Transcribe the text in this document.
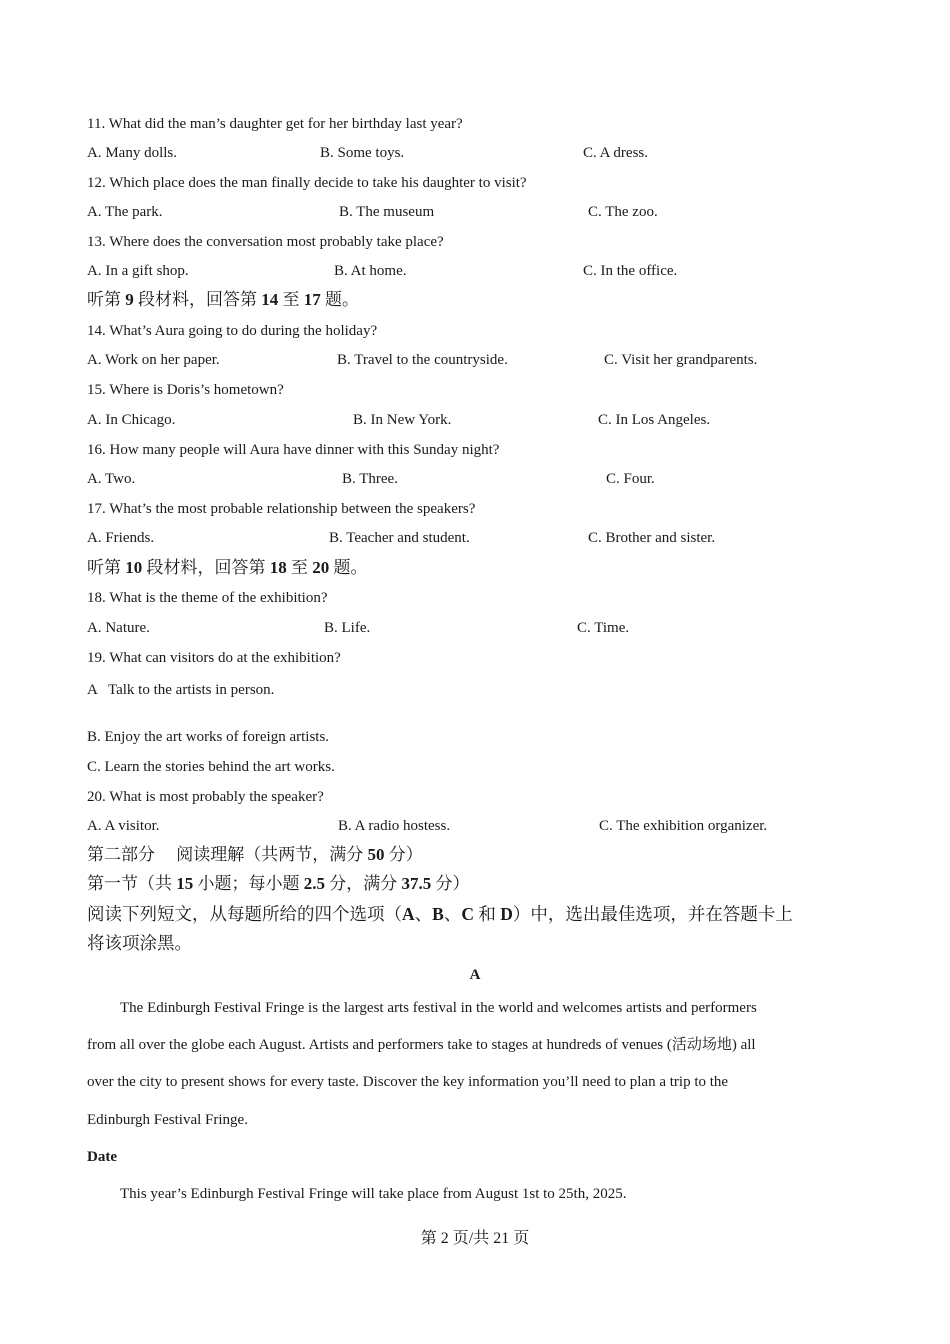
11. What did the man’s daughter get for her birthday last year?
A. Many dolls.	B. Some toys.	C. A dress.
12. Which place does the man finally decide to take his daughter to visit?
A. The park.	B. The museum	C. The zoo.
13. Where does the conversation most probably take place?
A. In a gift shop.	B. At home.	C. In the office.
听第 9 段材料，回答第 14 至 17 题。
14. What’s Aura going to do during the holiday?
A. Work on her paper.	B. Travel to the countryside.	C. Visit her grandparents.
15. Where is Doris’s hometown?
A. In Chicago.	B. In New York.	C. In Los Angeles.
16. How many people will Aura have dinner with this Sunday night?
A. Two.	B. Three.	C. Four.
17. What’s the most probable relationship between the speakers?
A. Friends.	B. Teacher and student.	C. Brother and sister.
听第 10 段材料，回答第 18 至 20 题。
18. What is the theme of the exhibition?
A. Nature.	B. Life.	C. Time.
19. What can visitors do at the exhibition?
A   Talk to the artists in person.
B. Enjoy the art works of foreign artists.
C. Learn the stories behind the art works.
20. What is most probably the speaker?
A. A visitor.	B. A radio hostess.	C. The exhibition organizer.
第二部分　 阅读理解（共两节，满分 50 分）
第一节（共 15 小题；每小题 2.5 分，满分 37.5 分）
阅读下列短文，从每题所给的四个选项（A、B、C 和 D）中，选出最佳选项，并在答题卡上
将该项涂黑。
A
The Edinburgh Festival Fringe is the largest arts festival in the world and welcomes artists and performers
from all over the globe each August. Artists and performers take to stages at hundreds of venues (活动场地) all
over the city to present shows for every taste. Discover the key information you’ll need to plan a trip to the
Edinburgh Festival Fringe.
Date
This year’s Edinburgh Festival Fringe will take place from August 1st to 25th, 2025.
第 2 页/共 21 页
